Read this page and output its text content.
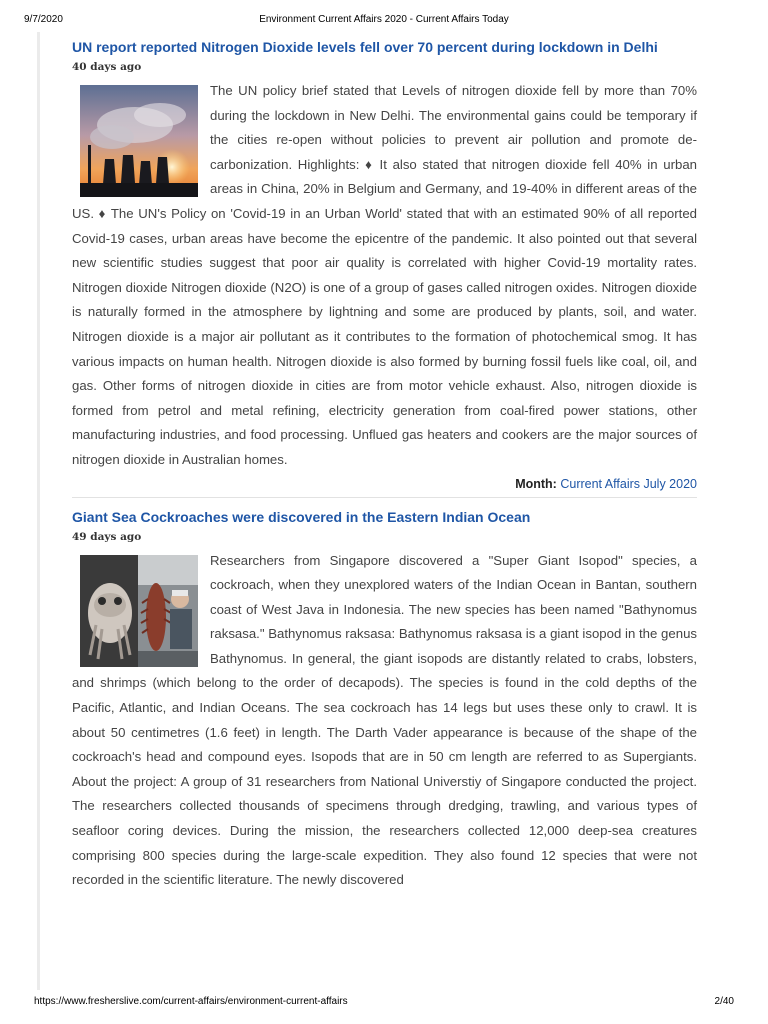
9/7/2020	Environment Current Affairs 2020 - Current Affairs Today
UN report reported Nitrogen Dioxide levels fell over 70 percent during lockdown in Delhi
40 days ago

The UN policy brief stated that Levels of nitrogen dioxide fell by more than 70% during the lockdown in New Delhi. The environmental gains could be temporary if the cities re-open without policies to prevent air pollution and promote de-carbonization. Highlights: ♦ It also stated that nitrogen dioxide fell 40% in urban areas in China, 20% in Belgium and Germany, and 19-40% in different areas of the US. ♦ The UN's Policy on 'Covid-19 in an Urban World' stated that with an estimated 90% of all reported Covid-19 cases, urban areas have become the epicentre of the pandemic. It also pointed out that several new scientific studies suggest that poor air quality is correlated with higher Covid-19 mortality rates. Nitrogen dioxide Nitrogen dioxide (N2O) is one of a group of gases called nitrogen oxides. Nitrogen dioxide is naturally formed in the atmosphere by lightning and some are produced by plants, soil, and water. Nitrogen dioxide is a major air pollutant as it contributes to the formation of photochemical smog. It has various impacts on human health. Nitrogen dioxide is also formed by burning fossil fuels like coal, oil, and gas. Other forms of nitrogen dioxide in cities are from motor vehicle exhaust. Also, nitrogen dioxide is formed from petrol and metal refining, electricity generation from coal-fired power stations, other manufacturing industries, and food processing. Unflued gas heaters and cookers are the major sources of nitrogen dioxide in Australian homes.

Month: Current Affairs July 2020
Giant Sea Cockroaches were discovered in the Eastern Indian Ocean
49 days ago

Researchers from Singapore discovered a "Super Giant Isopod" species, a cockroach, when they unexplored waters of the Indian Ocean in Bantan, southern coast of West Java in Indonesia. The new species has been named "Bathynomus raksasa." Bathynomus raksasa: Bathynomus raksasa is a giant isopod in the genus Bathynomus. In general, the giant isopods are distantly related to crabs, lobsters, and shrimps (which belong to the order of decapods). The species is found in the cold depths of the Pacific, Atlantic, and Indian Oceans. The sea cockroach has 14 legs but uses these only to crawl. It is about 50 centimetres (1.6 feet) in length. The Darth Vader appearance is because of the shape of the cockroach's head and compound eyes. Isopods that are in 50 cm length are referred to as Supergiants. About the project: A group of 31 researchers from National Universtiy of Singapore conducted the project. The researchers collected thousands of specimens through dredging, trawling, and various types of seafloor coring devices. During the mission, the researchers collected 12,000 deep-sea creatures comprising 800 species during the large-scale expedition. They also found 12 species that were not recorded in the scientific literature. The newly discovered

https://www.fresherslive.com/current-affairs/environment-current-affairs	2/40
